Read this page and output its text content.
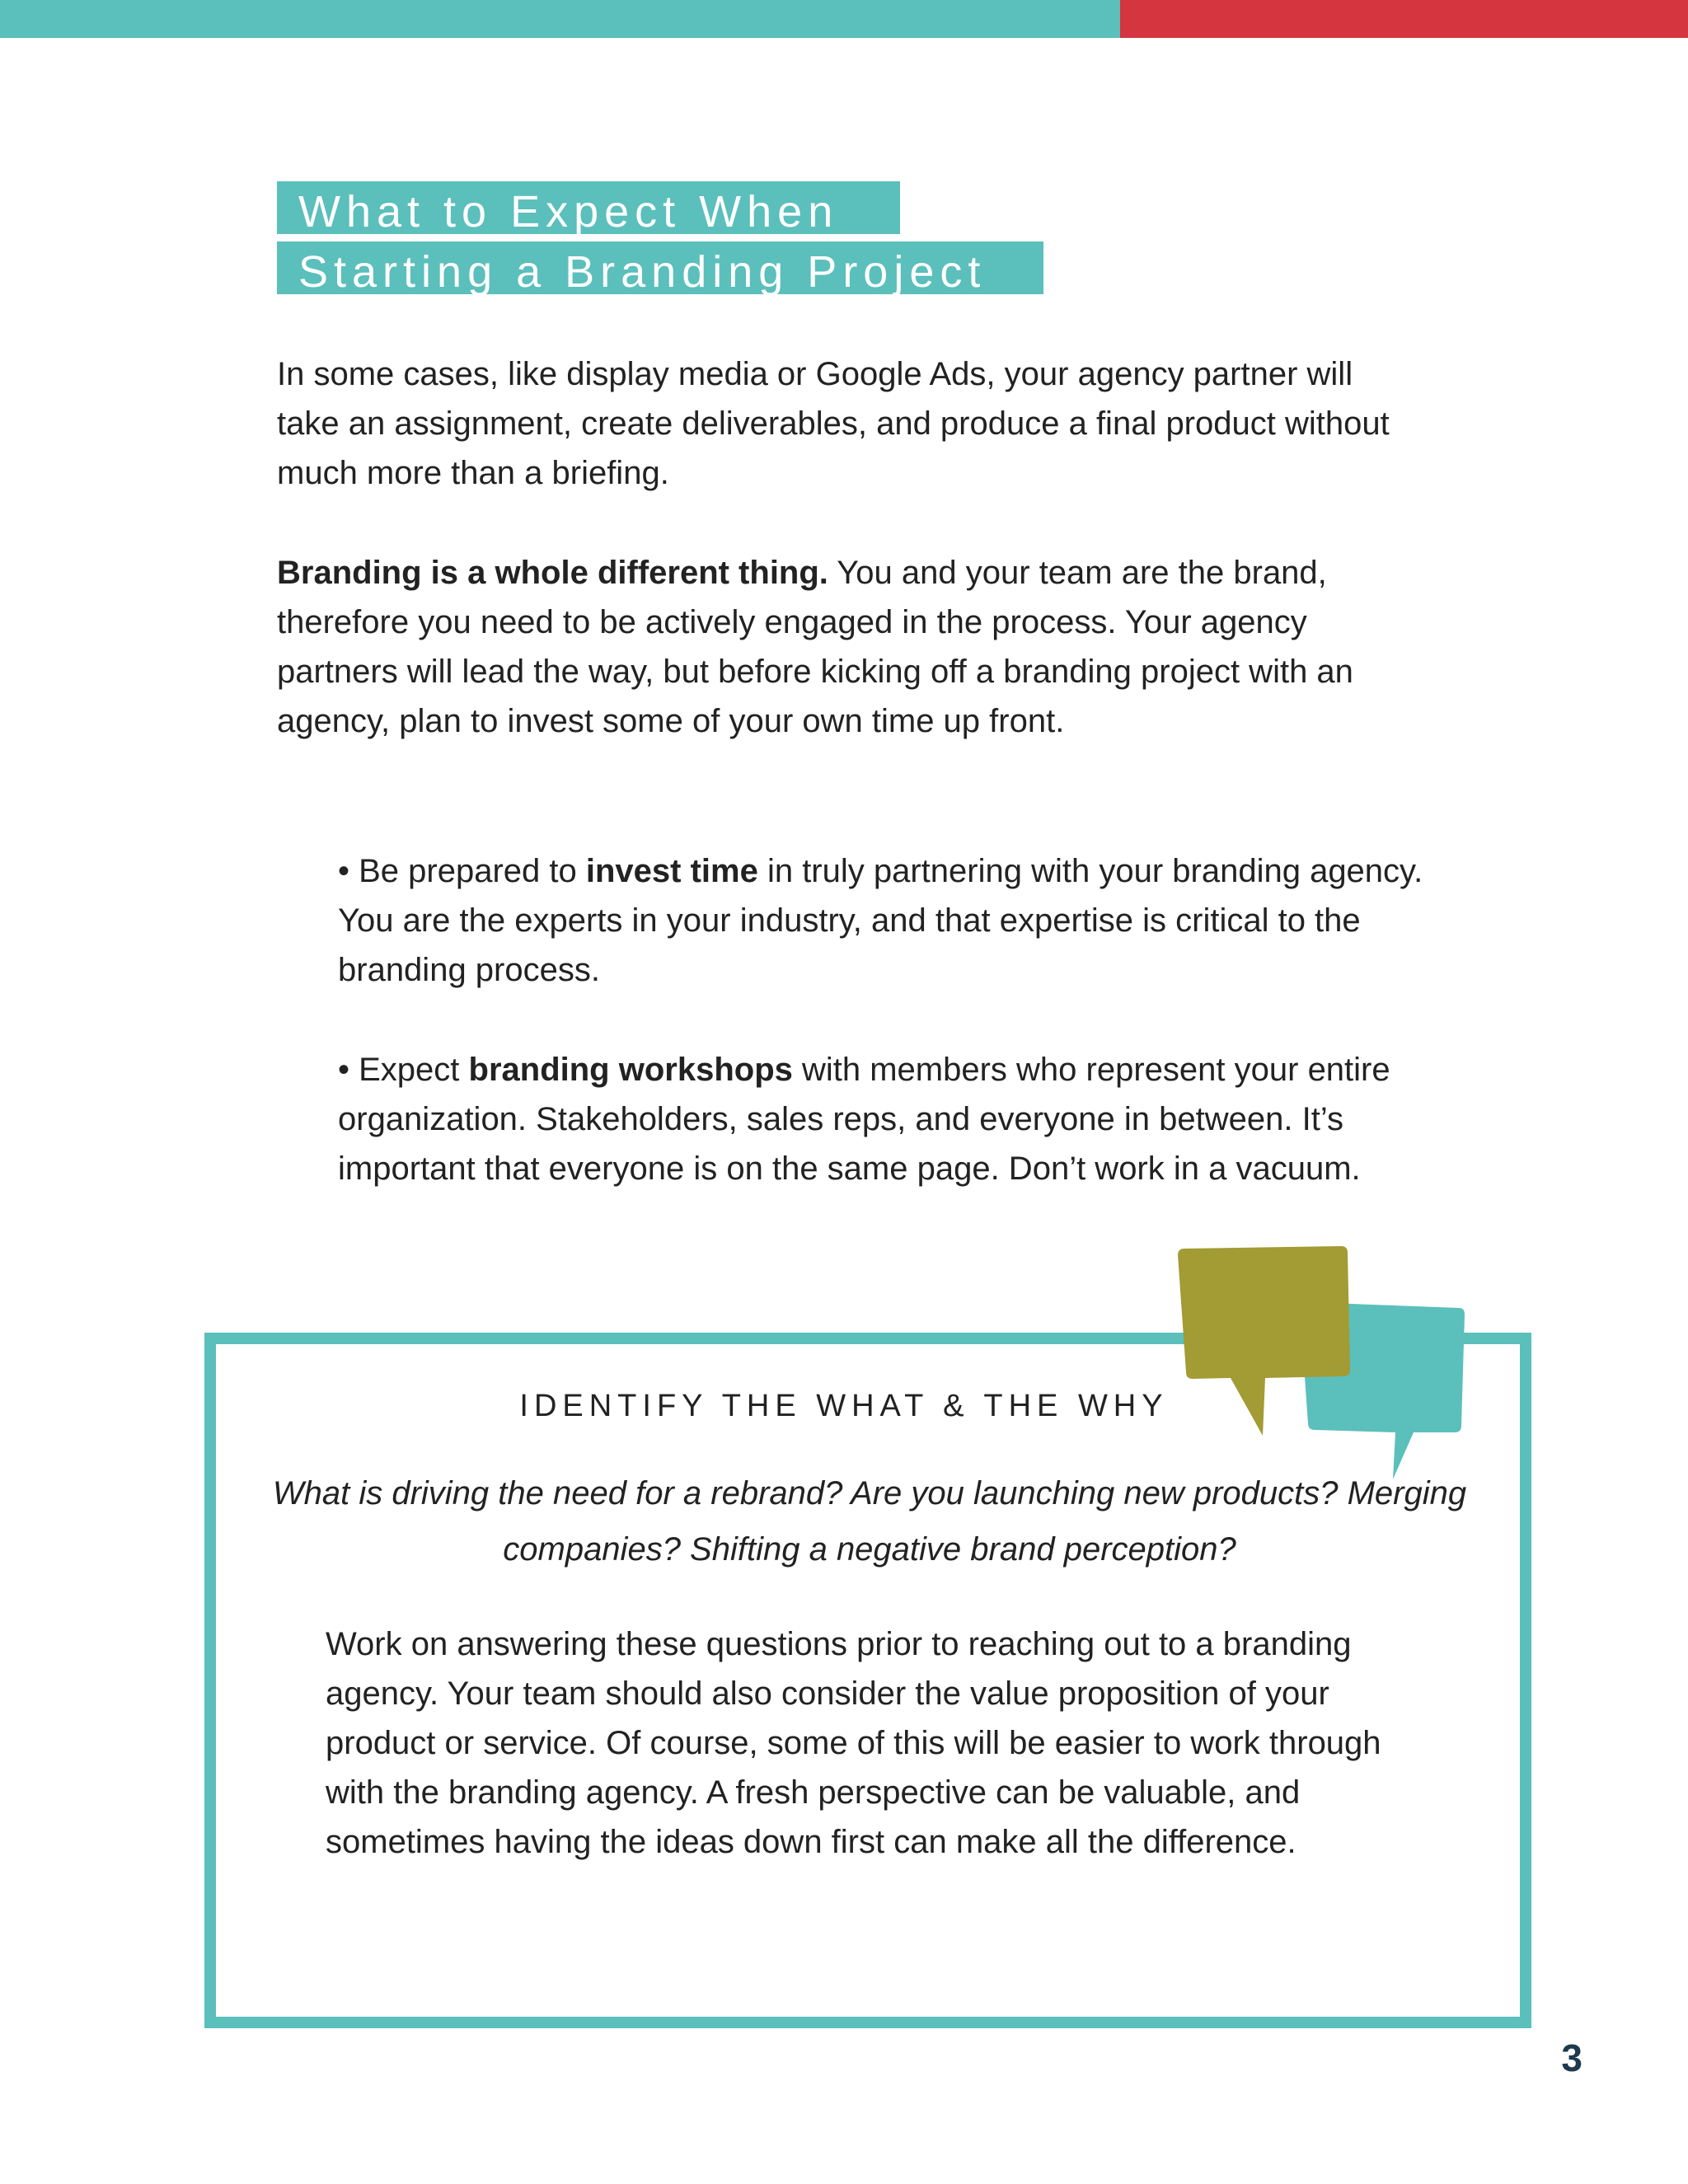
What to Expect When
Starting a Branding Project
In some cases, like display media or Google Ads, your agency partner will take an assignment, create deliverables, and produce a final product without much more than a briefing.
Branding is a whole different thing. You and your team are the brand, therefore you need to be actively engaged in the process. Your agency partners will lead the way, but before kicking off a branding project with an agency, plan to invest some of your own time up front.
• Be prepared to invest time in truly partnering with your branding agency. You are the experts in your industry, and that expertise is critical to the branding process.
• Expect branding workshops with members who represent your entire organization. Stakeholders, sales reps, and everyone in between. It’s important that everyone is on the same page. Don’t work in a vacuum.
IDENTIFY THE WHAT & THE WHY
What is driving the need for a rebrand? Are you launching new products? Merging companies? Shifting a negative brand perception?
Work on answering these questions prior to reaching out to a branding agency. Your team should also consider the value proposition of your product or service. Of course, some of this will be easier to work through with the branding agency. A fresh perspective can be valuable, and sometimes having the ideas down first can make all the difference.
3
